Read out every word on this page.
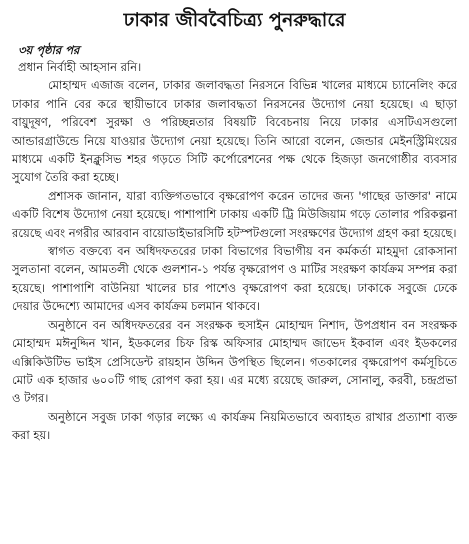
ঢাকার জীববৈচিত্র্য পুনরুদ্ধারে
৩য় পৃষ্ঠার পর

প্রধান নির্বাহী আহসান রনি।

মোহাম্মদ এজাজ বলেন, ঢাকার জলাবদ্ধতা নিরসনে বিভিন্ন খালের মাধ্যমে চ্যানেলিং করে ঢাকার পানি বের করে স্থায়ীভাবে ঢাকার জলাবদ্ধতা নিরসনের উদ্যোগ নেয়া হয়েছে। এ ছাড়া বায়ুদূষণ, পরিবেশ সুরক্ষা ও পরিচ্ছন্নতার বিষয়টি বিবেচনায় নিয়ে ঢাকার এসটিএসগুলো আন্ডারগ্রাউন্ডে নিয়ে যাওয়ার উদ্যোগ নেয়া হয়েছে। তিনি আরো বলেন, জেন্ডার মেইনস্ট্রিমিংয়ের মাধ্যমে একটি ইনক্লুসিভ শহর গড়তে সিটি কর্পোরেশনের পক্ষ থেকে হিজড়া জনগোষ্ঠীর ব্যবসার সুযোগ তৈরি করা হচ্ছে।

প্রশাসক জানান, যারা ব্যক্তিগতভাবে বৃক্ষরোপণ করেন তাদের জন্য 'গাছের ডাক্তার' নামে একটি বিশেষ উদ্যোগ নেয়া হয়েছে। পাশাপাশি ঢাকায় একটি ট্রি মিউজিয়াম গড়ে তোলার পরিকল্পনা রয়েছে এবং নগরীর আরবান বায়োডাইভারসিটি হটস্পটগুলো সংরক্ষণের উদ্যোগ গ্রহণ করা হয়েছে।

স্বাগত বক্তব্যে বন অধিদফতরের ঢাকা বিভাগের বিভাগীয় বন কর্মকর্তা মাহমুদা রোকসানা সুলতানা বলেন, আমতলী থেকে গুলশান-১ পর্যন্ত বৃক্ষরোপণ ও মাটির সংরক্ষণ কার্যক্রম সম্পন্ন করা হয়েছে। পাশাপাশি বাউনিয়া খালের চার পাশেও বৃক্ষরোপণ করা হয়েছে। ঢাকাকে সবুজে ঢেকে দেয়ার উদ্দেশ্যে আমাদের এসব কার্যক্রম চলমান থাকবে।

অনুষ্ঠানে বন অধিদফতরের বন সংরক্ষক হুসাইন মোহাম্মদ নিশাদ, উপপ্রধান বন সংরক্ষক মোহাম্মদ মঈনুদ্দিন খান, ইডকলের চিফ রিস্ক অফিসার মোহাম্মদ জাভেদ ইকবাল এবং ইডকলের এক্সিকিউটিভ ভাইস প্রেসিডেন্ট রায়হান উদ্দিন উপস্থিত ছিলেন। গতকালের বৃক্ষরোপণ কর্মসূচিতে মোট এক হাজার ৬০০টি গাছ রোপণ করা হয়। এর মধ্যে রয়েছে জারুল, সোনালু, করবী, চন্দ্রপ্রভা ও টগর।

অনুষ্ঠানে সবুজ ঢাকা গড়ার লক্ষ্যে এ কার্যক্রম নিয়মিতভাবে অব্যাহত রাখার প্রত্যাশা ব্যক্ত করা হয়।
